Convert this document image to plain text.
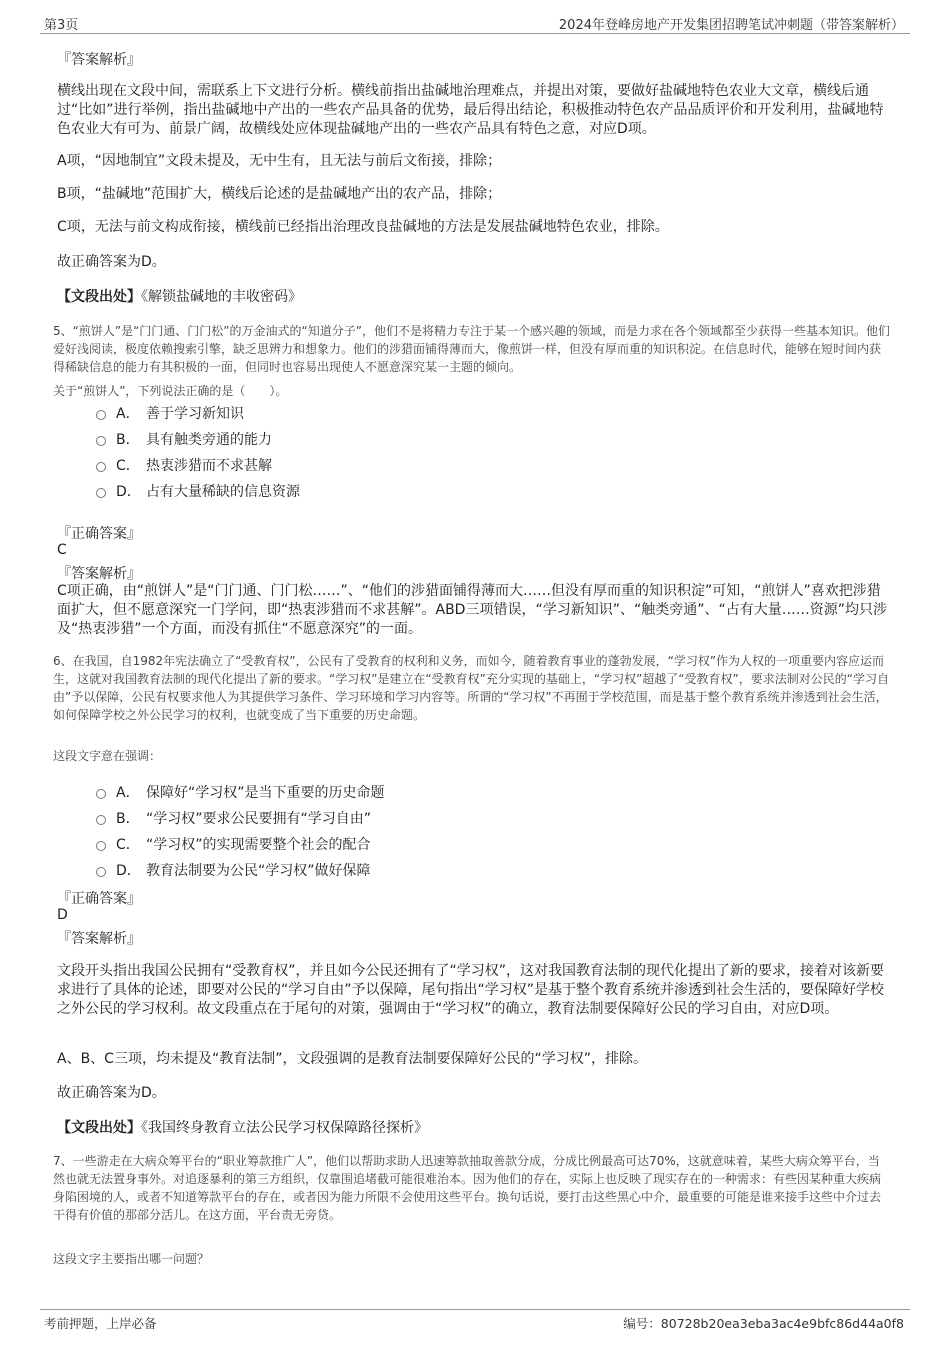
第3页	2024年登峰房地产开发集团招聘笔试冲刺题（带答案解析）

『答案解析』

横线出现在文段中间，需联系上下文进行分析。横线前指出盐碱地治理难点，并提出对策，要做好盐碱地特色农业大文章，横线后通过“比如”进行举例，指出盐碱地中产出的一些农产品具备的优势，最后得出结论，积极推动特色农产品品质评价和开发利用，盐碱地特色农业大有可为、前景广阔，故横线处应体现盐碱地产出的一些农产品具有特色之意，对应D项。

A项，“因地制宜”文段未提及，无中生有，且无法与前后文衔接，排除；

B项，“盐碱地”范围扩大，横线后论述的是盐碱地产出的农产品，排除；

C项，无法与前文构成衔接，横线前已经指出治理改良盐碱地的方法是发展盐碱地特色农业，排除。

故正确答案为D。

【文段出处】《解锁盐碱地的丰收密码》

5、“煎饼人”是“门门通、门门松”的万金油式的“知道分子”，他们不是将精力专注于某一个感兴趣的领域，而是力求在各个领域都至少获得一些基本知识。他们爱好浅阅读，极度依赖搜索引擎，缺乏思辨力和想象力。他们的涉猎面铺得薄而大，像煎饼一样，但没有厚而重的知识积淀。在信息时代，能够在短时间内获得稀缺信息的能力有其积极的一面，但同时也容易出现使人不愿意深究某一主题的倾向。

关于“煎饼人”，下列说法正确的是（　　）。

A． 善于学习新知识
B． 具有触类旁通的能力
C． 热衷涉猎而不求甚解
D． 占有大量稀缺的信息资源

『正确答案』

C

『答案解析』

C项正确，由“煎饼人”是“门门通、门门松……”、“他们的涉猎面铺得薄而大……但没有厚而重的知识积淀”可知，“煎饼人”喜欢把涉猎面扩大，但不愿意深究一门学问，即“热衷涉猎而不求甚解”。ABD三项错误，“学习新知识”、“触类旁通”、“占有大量……资源”均只涉及“热衷涉猎”一个方面，而没有抓住“不愿意深究”的一面。

6、在我国，自1982年宪法确立了“受教育权”，公民有了受教育的权利和义务，而如今，随着教育事业的蓬勃发展，“学习权”作为人权的一项重要内容应运而生，这就对我国教育法制的现代化提出了新的要求。“学习权”是建立在“受教育权”充分实现的基础上，“学习权”超越了“受教育权”，要求法制对公民的“学习自由”予以保障，公民有权要求他人为其提供学习条件、学习环境和学习内容等。所谓的“学习权”不再囿于学校范围，而是基于整个教育系统并渗透到社会生活，如何保障学校之外公民学习的权利，也就变成了当下重要的历史命题。

这段文字意在强调：

A． 保障好“学习权”是当下重要的历史命题
B． “学习权”要求公民要拥有“学习自由”
C． “学习权”的实现需要整个社会的配合
D． 教育法制要为公民“学习权”做好保障

『正确答案』

D

『答案解析』

文段开头指出我国公民拥有“受教育权”，并且如今公民还拥有了“学习权”，这对我国教育法制的现代化提出了新的要求，接着对该新要求进行了具体的论述，即要对公民的“学习自由”予以保障，尾句指出“学习权”是基于整个教育系统并渗透到社会生活的，要保障好学校之外公民的学习权利。故文段重点在于尾句的对策，强调由于“学习权”的确立，教育法制要保障好公民的学习自由，对应D项。

A、B、C三项，均未提及“教育法制”，文段强调的是教育法制要保障好公民的“学习权”，排除。

故正确答案为D。

【文段出处】《我国终身教育立法公民学习权保障路径探析》

7、一些游走在大病众筹平台的“职业筹款推广人”，他们以帮助求助人迅速筹款抽取善款分成，分成比例最高可达70%，这就意味着，某些大病众筹平台，当然也就无法置身事外。对追逐暴利的第三方组织，仅靠围追堵截可能很难治本。因为他们的存在，实际上也反映了现实存在的一种需求：有些因某种重大疾病身陷困境的人，或者不知道筹款平台的存在，或者因为能力所限不会使用这些平台。换句话说，要打击这些黑心中介，最重要的可能是谁来接手这些中介过去干得有价值的那部分活儿。在这方面，平台责无旁贷。

这段文字主要指出哪一问题？

考前押题，上岸必备	编号：80728b20ea3eba3ac4e9bfc86d44a0f8
